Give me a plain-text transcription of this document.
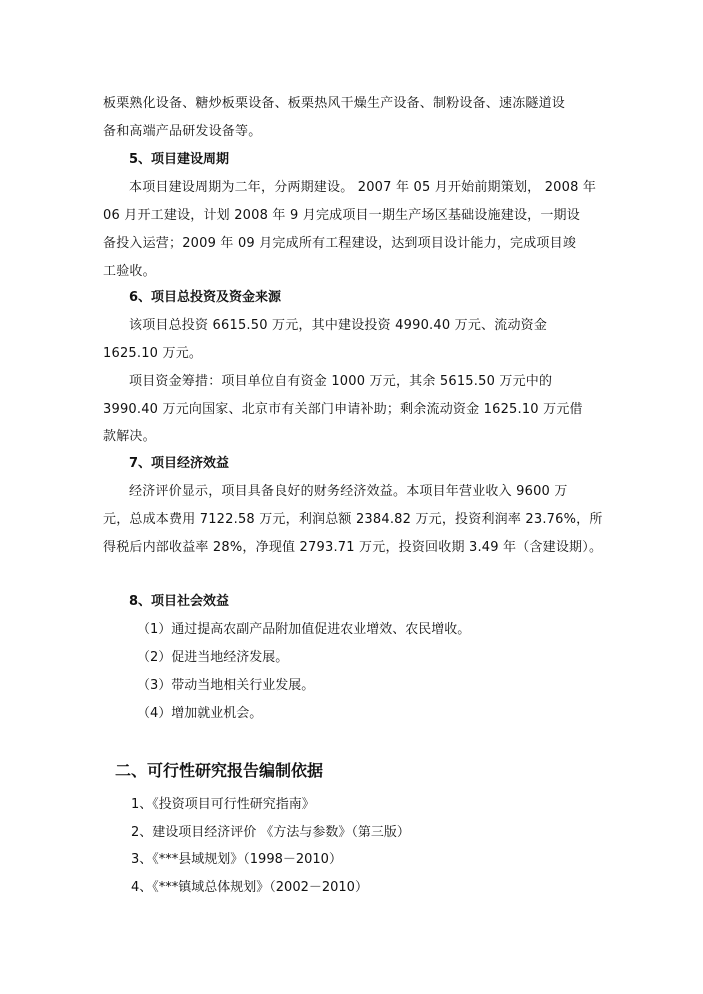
板栗熟化设备、糖炒板栗设备、板栗热风干燥生产设备、制粉设备、速冻隧道设
备和高端产品研发设备等。
5、项目建设周期
本项目建设周期为二年，分两期建设。 2007 年 05 月开始前期策划， 2008 年
06 月开工建设，计划 2008 年 9 月完成项目一期生产场区基础设施建设，一期设
备投入运营；2009 年 09 月完成所有工程建设，达到项目设计能力，完成项目竣
工验收。
6、项目总投资及资金来源
该项目总投资 6615.50 万元，其中建设投资 4990.40 万元、流动资金
1625.10 万元。
项目资金筹措：项目单位自有资金 1000 万元，其余 5615.50 万元中的
3990.40 万元向国家、北京市有关部门申请补助；剩余流动资金 1625.10 万元借
款解决。
7、项目经济效益
经济评价显示，项目具备良好的财务经济效益。本项目年营业收入 9600 万
元，总成本费用 7122.58 万元，利润总额 2384.82 万元，投资利润率 23.76%，所
得税后内部收益率 28%，净现值 2793.71 万元，投资回收期 3.49 年（含建设期）。
8、项目社会效益
（1）通过提高农副产品附加值促进农业增效、农民增收。
（2）促进当地经济发展。
（3）带动当地相关行业发展。
（4）增加就业机会。
二、可行性研究报告编制依据
1、《投资项目可行性研究指南》
2、建设项目经济评价 《方法与参数》（第三版）
3、《***县域规划》（1998－2010）
4、《***镇域总体规划》（2002－2010）
